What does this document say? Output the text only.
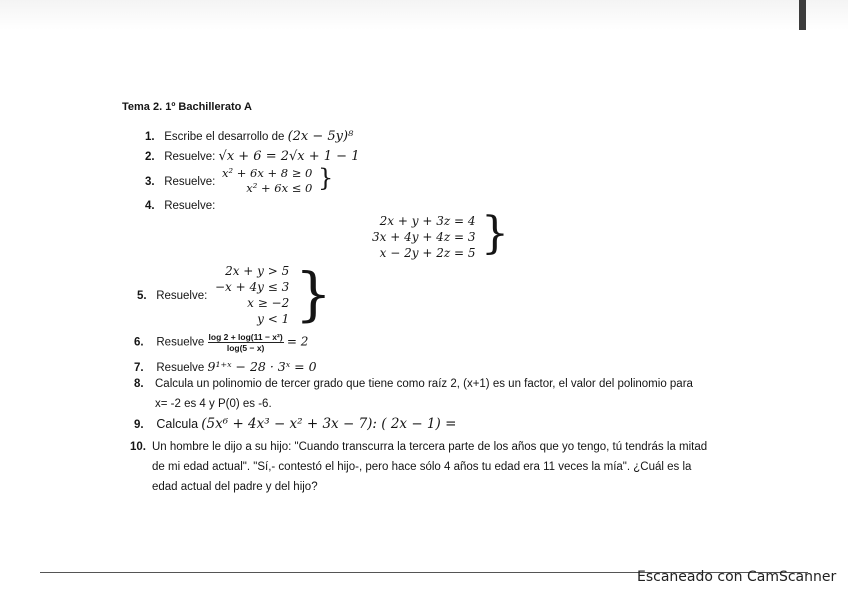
Tema 2. 1º Bachillerato A
1. Escribe el desarrollo de (2x − 5y)⁸
2. Resuelve: √x + 6 = 2√x + 1 − 1
3. Resuelve:
x² + 6x + 8 ≥ 0
x² + 6x ≤ 0 }
4. Resuelve:
2x + y + 3z = 4
3x + 4y + 4z = 3
x − 2y + 2z = 5 }
5. Resuelve:
2x + y > 5
−x + 4y ≤ 3
x ≥ −2
y < 1 }
6. Resuelve $\frac{\text{log 2 + log(11 − x²)}}{\log(5 - x)} = 2$
7. Resuelve 9¹⁺ˣ − 28 · 3ˣ = 0
8. Calcula un polinomio de tercer grado que tiene como raíz 2, (x+1) es un factor, el valor del polinomio para x= -2 es 4 y P(0) es -6.
9. Calcula (5x⁶ + 4x³ − x² + 3x − 7): ( 2x − 1) =
10. Un hombre le dijo a su hijo: "Cuando transcurra la tercera parte de los años que yo tengo, tú tendrás la mitad de mi edad actual". "Sí,- contestó el hijo-, pero hace sólo 4 años tu edad era 11 veces la mía". ¿Cuál es la edad actual del padre y del hijo?
Escaneado con CamScanner
